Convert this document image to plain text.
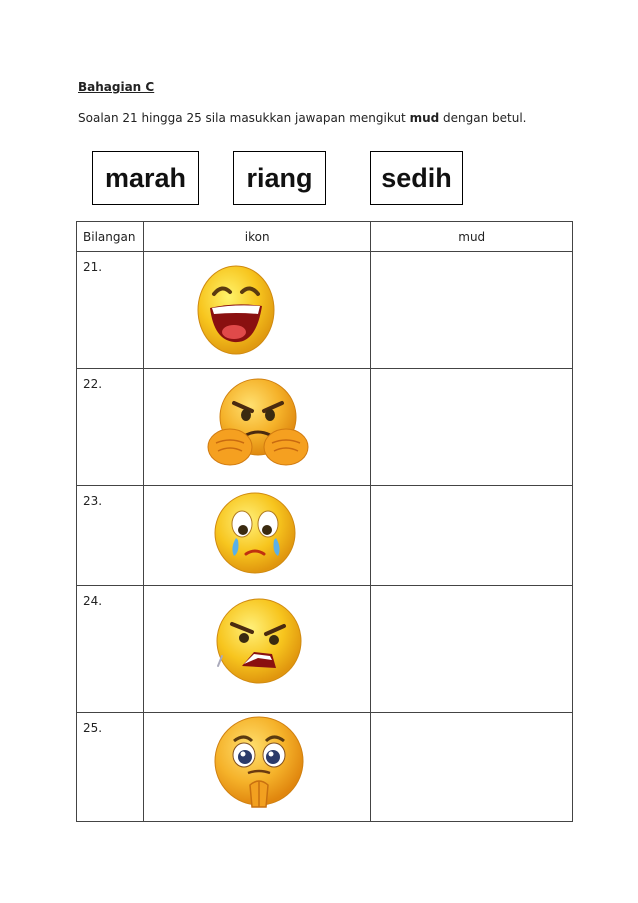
Bahagian C
Soalan 21 hingga 25 sila masukkan jawapan mengikut mud dengan betul.
marah	riang	sedih
Bilangan	ikon	mud
21.	

22.	

23.	

24.	

25.	
